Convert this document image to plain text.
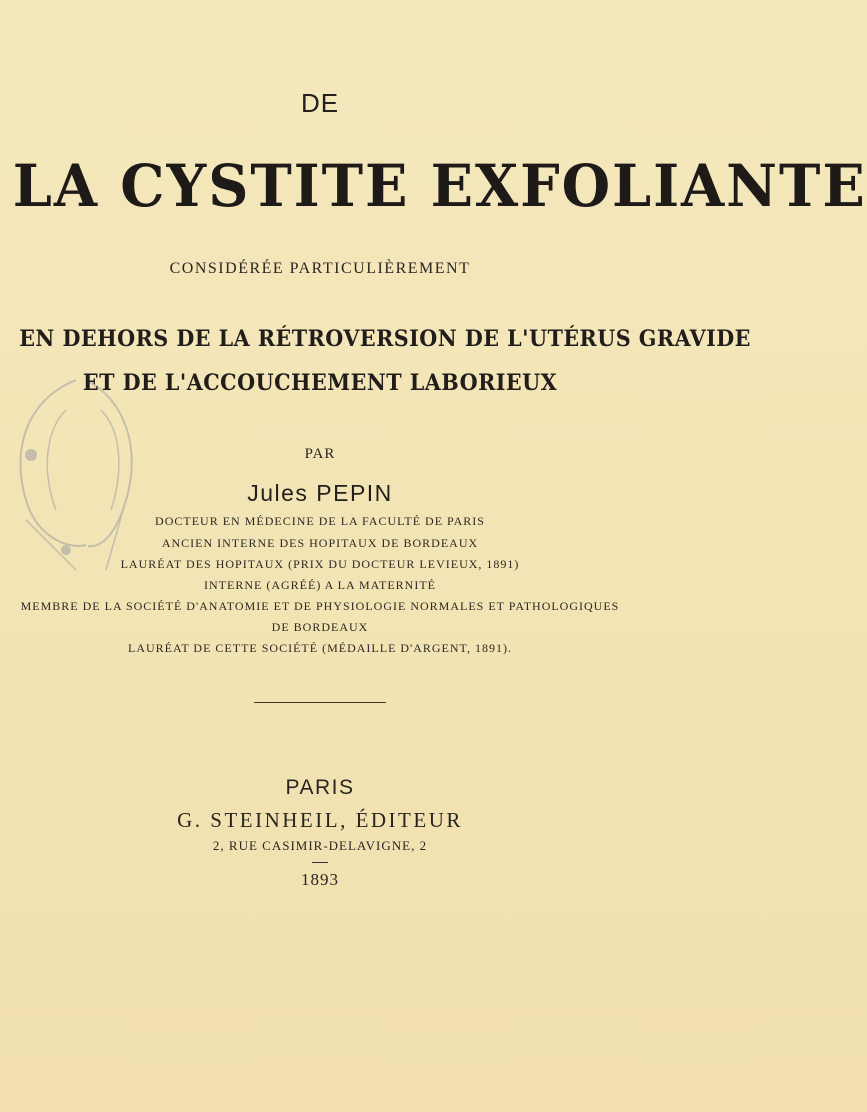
DE
LA CYSTITE EXFOLIANTE
CONSIDÉRÉE PARTICULIÈREMENT
EN DEHORS DE LA RÉTROVERSION DE L'UTÉRUS GRAVIDE
ET DE L'ACCOUCHEMENT LABORIEUX
PAR
Jules PEPIN
DOCTEUR EN MÉDECINE DE LA FACULTÉ DE PARIS
ANCIEN INTERNE DES HOPITAUX DE BORDEAUX
LAURÉAT DES HOPITAUX (PRIX DU DOCTEUR LEVIEUX, 1891)
INTERNE (AGRÉÉ) A LA MATERNITÉ
MEMBRE DE LA SOCIÉTÉ D'ANATOMIE ET DE PHYSIOLOGIE NORMALES ET PATHOLOGIQUES
DE BORDEAUX
LAURÉAT DE CETTE SOCIÉTÉ (MÉDAILLE D'ARGENT, 1891).
PARIS
G. STEINHEIL, ÉDITEUR
2, RUE CASIMIR-DELAVIGNE, 2
1893
